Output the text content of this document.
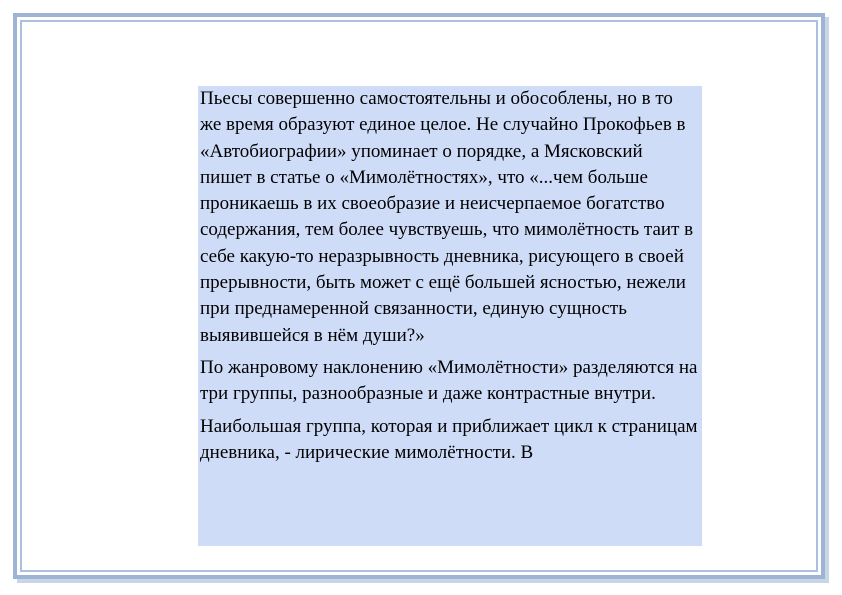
Пьесы совершенно самостоятельны и обособлены, но в то же время образуют единое целое. Не случайно Прокофьев в «Автобиографии» упоминает о порядке, а Мясковский пишет в статье о «Мимолётностях», что «...чем больше проникаешь в их своеобразие и неисчерпаемое богатство содержания, тем более чувствуешь, что мимолётность таит в себе какую-то неразрывность дневника, рисующего в своей прерывности, быть может с ещё большей ясностью, нежели при преднамеренной связанности, единую сущность выявившейся в нём души?»

По жанровому наклонению «Мимолётности» разделяются на три группы, разнообразные и даже контрастные внутри.

Наибольшая группа, которая и приближает цикл к страницам дневника, - лирические мимолётности. В
